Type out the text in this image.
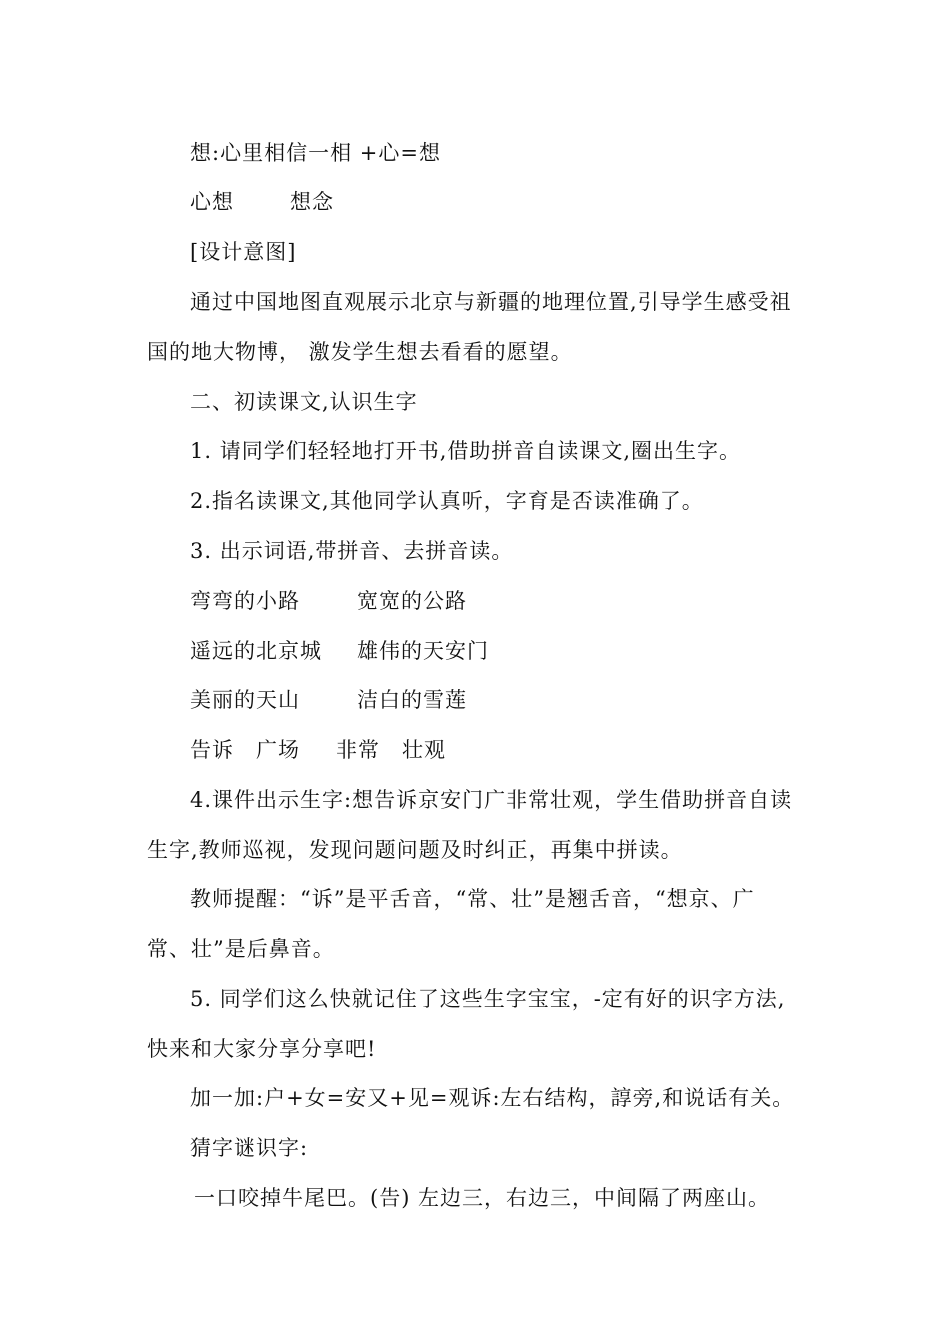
想:心里相信一相 +心=想
心想	想念
[设计意图]
通过中国地图直观展示北京与新疆的地理位置,引导学生感受祖
国的地大物博， 激发学生想去看看的愿望。
二、初读课文,认识生字
1. 请同学们轻轻地打开书,借助拼音自读课文,圈出生字。
2.指名读课文,其他同学认真听，字育是否读准确了。
3. 出示词语,带拼音、去拼音读。
弯弯的小路	宽宽的公路
遥远的北京城 雄伟的天安门
美丽的天山	洁白的雪莲
告诉 广场 非常 壮观
4.课件出示生字:想告诉京安门广非常壮观，学生借助拼音自读
生字,教师巡视，发现问题问题及时纠正，再集中拼读。
教师提醒：“诉”是平舌音，“常、壮”是翘舌音，“想京、广
常、壮”是后鼻音。
5. 同学们这么快就记住了这些生字宝宝，-定有好的识字方法,
快来和大家分享分享吧!
加一加:户+女=安又+见=观诉:左右结构，諄旁,和说话有关。
猜字谜识字:
一口咬掉牛尾巴。(告) 左边三，右边三，中间隔了两座山。
